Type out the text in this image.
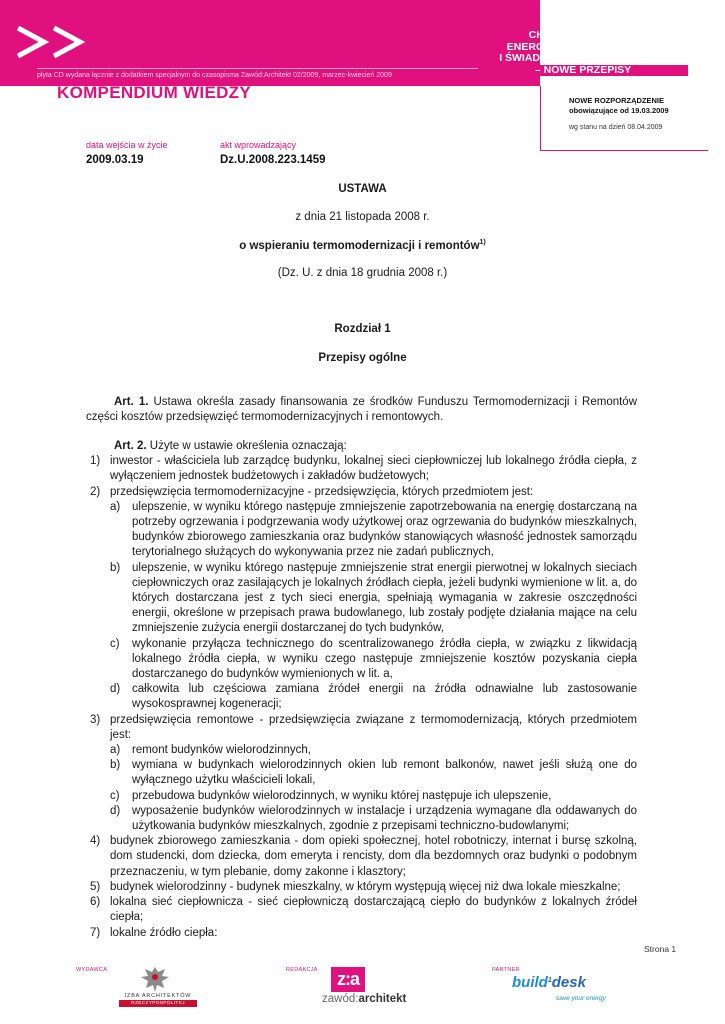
płyta CD wydana łącznie z dodatkiem specjalnym do czasopisma Zawód:Architekt 02/2009, marzec-kwiecień 2009
KOMPENDIUM WIEDZY
CHARAKTERYSTYKA
ENERGETYCZNA BUDYNKÓW
I ŚWIADECTWA ENERGETYCZNE
– NOWE PRZEPISY
NOWE ROZPORZĄDZENIE
obowiązujące od 19.03.2009
wg stanu na dzień 08.04.2009
data wejścia w życie
2009.03.19
akt wprowadzający
Dz.U.2008.223.1459
USTAWA
z dnia 21 listopada 2008 r.
o wspieraniu termomodernizacji i remontów$^{1)}$
(Dz. U. z dnia 18 grudnia 2008 r.)
Rozdział 1
Przepisy ogólne
Art. 1. Ustawa określa zasady finansowania ze środków Funduszu Termomodernizacji i Remontów części kosztów przedsięwzięć termomodernizacyjnych i remontowych.
Art. 2. Użyte w ustawie określenia oznaczają:
1) inwestor - właściciela lub zarządcę budynku, lokalnej sieci ciepłowniczej lub lokalnego źródła ciepła, z wyłączeniem jednostek budżetowych i zakładów budżetowych;
2) przedsięwzięcia termomodernizacyjne - przedsięwzięcia, których przedmiotem jest:
a) ulepszenie, w wyniku którego następuje zmniejszenie zapotrzebowania na energię dostarczaną na potrzeby ogrzewania i podgrzewania wody użytkowej oraz ogrzewania do budynków mieszkalnych, budynków zbiorowego zamieszkania oraz budynków stanowiących własność jednostek samorządu terytorialnego służących do wykonywania przez nie zadań publicznych,
b) ulepszenie, w wyniku którego następuje zmniejszenie strat energii pierwotnej w lokalnych sieciach ciepłowniczych oraz zasilających je lokalnych źródłach ciepła, jeżeli budynki wymienione w lit. a, do których dostarczana jest z tych sieci energia, spełniają wymagania w zakresie oszczędności energii, określone w przepisach prawa budowlanego, lub zostały podjęte działania mające na celu zmniejszenie zużycia energii dostarczanej do tych budynków,
c) wykonanie przyłącza technicznego do scentralizowanego źródła ciepła, w związku z likwidacją lokalnego źródła ciepła, w wyniku czego następuje zmniejszenie kosztów pozyskania ciepła dostarczanego do budynków wymienionych w lit. a,
d) całkowita lub częściowa zamiana źródeł energii na źródła odnawialne lub zastosowanie wysokosprawnej kogeneracji;
3) przedsięwzięcia remontowe - przedsięwzięcia związane z termomodernizacją, których przedmiotem jest:
a) remont budynków wielorodzinnych,
b) wymiana w budynkach wielorodzinnych okien lub remont balkonów, nawet jeśli służą one do wyłącznego użytku właścicieli lokali,
c) przebudowa budynków wielorodzinnych, w wyniku której następuje ich ulepszenie,
d) wyposażenie budynków wielorodzinnych w instalacje i urządzenia wymagane dla oddawanych do użytkowania budynków mieszkalnych, zgodnie z przepisami techniczno-budowlanymi;
4) budynek zbiorowego zamieszkania - dom opieki społecznej, hotel robotniczy, internat i bursę szkolną, dom studencki, dom dziecka, dom emeryta i rencisty, dom dla bezdomnych oraz budynki o podobnym przeznaczeniu, w tym plebanie, domy zakonne i klasztory;
5) budynek wielorodzinny - budynek mieszkalny, w którym występują więcej niż dwa lokale mieszkalne;
6) lokalna sieć ciepłownicza - sieć ciepłowniczą dostarczającą ciepło do budynków z lokalnych źródeł ciepła;
7) lokalne źródło ciepła:
Strona 1
WYDAWCA
IZBA ARCHITEKTÓW
RZECZYPOSPOLITEJ POLSKIEJ
REDAKCJA	z:a
zawód:architekt
PARTNER
build$^1$desk
save your energy
